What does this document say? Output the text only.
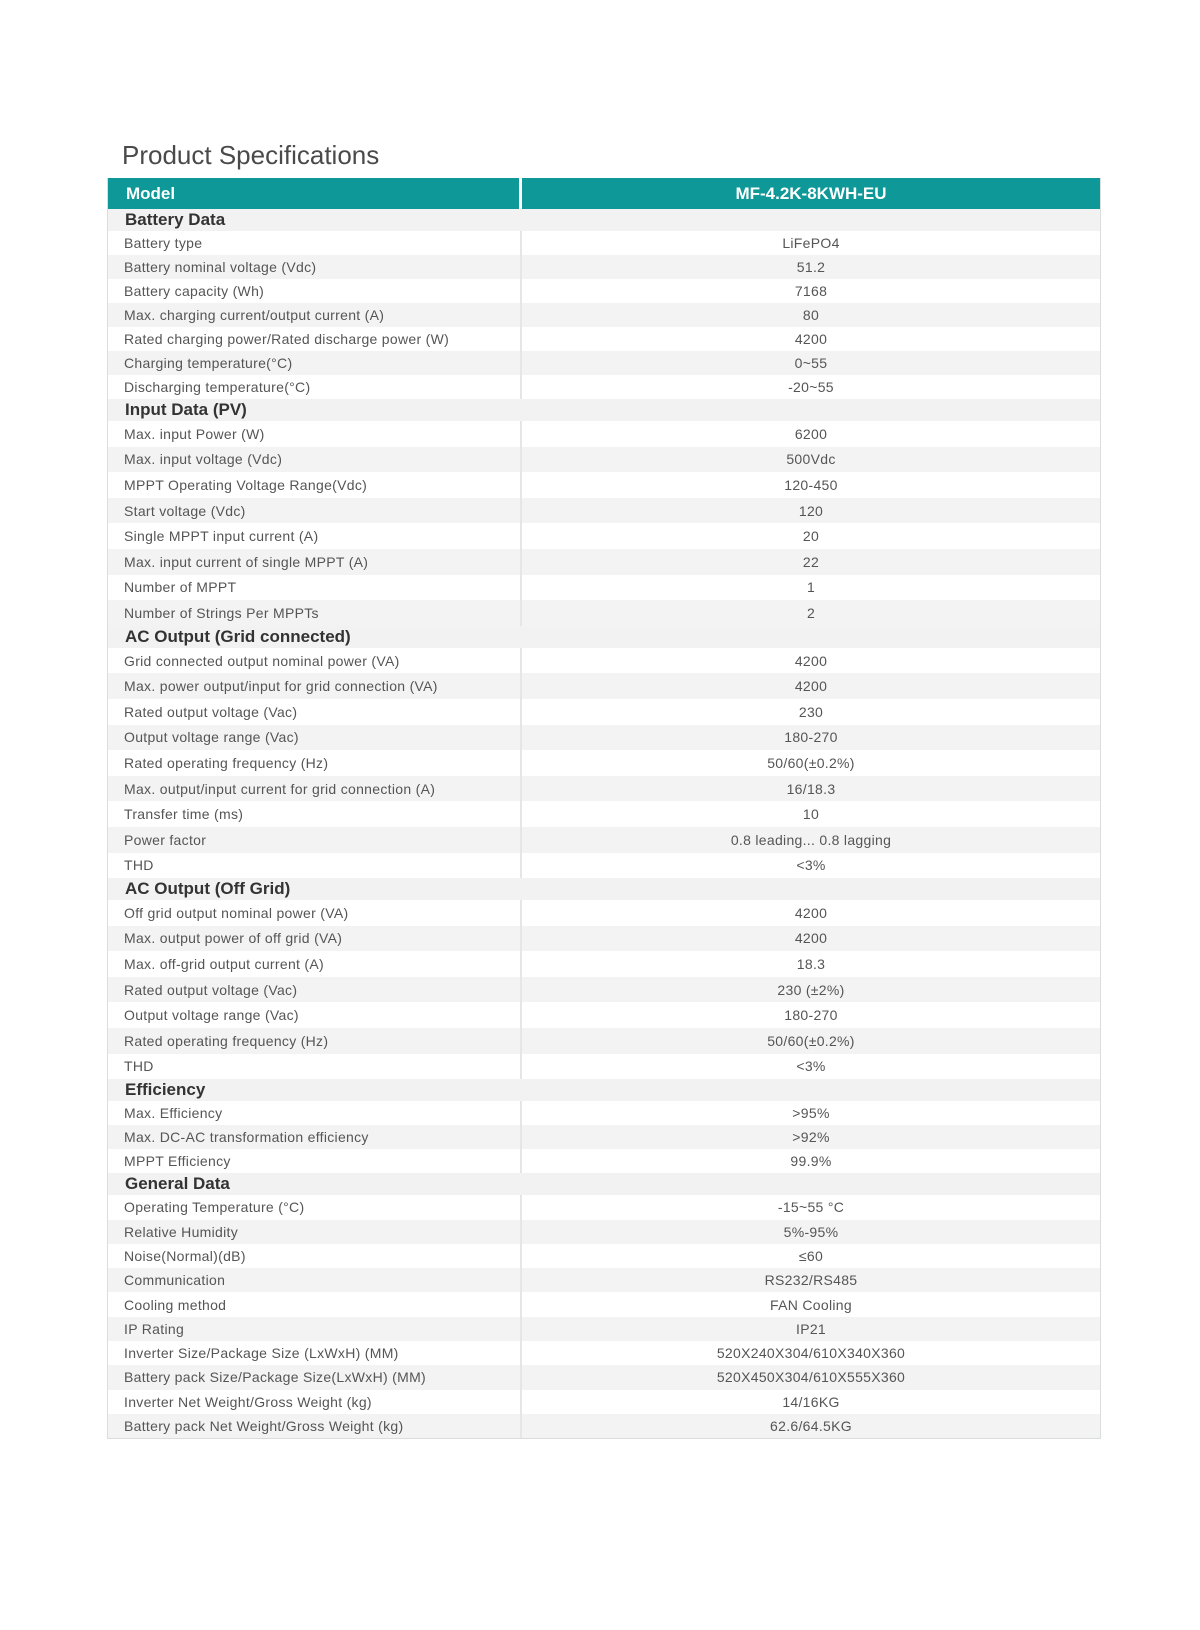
Product Specifications
Model	MF-4.2K-8KWH-EU
Battery Data
Battery type	LiFePO4
Battery nominal voltage (Vdc)	51.2
Battery capacity (Wh)	7168
Max. charging current/output current (A)	80
Rated charging power/Rated discharge power (W)	4200
Charging temperature(°C)	0~55
Discharging temperature(°C)	-20~55
Input Data (PV)
Max. input Power (W)	6200
Max. input voltage (Vdc)	500Vdc
MPPT Operating Voltage Range(Vdc)	120-450
Start voltage (Vdc)	120
Single MPPT input current (A)	20
Max. input current of single MPPT (A)	22
Number of MPPT	1
Number of Strings Per MPPTs	2
AC Output (Grid connected)
Grid connected output nominal power (VA)	4200
Max. power output/input for grid connection (VA)	4200
Rated output voltage (Vac)	230
Output voltage range (Vac)	180-270
Rated operating frequency (Hz)	50/60(±0.2%)
Max. output/input current for grid connection (A)	16/18.3
Transfer time (ms)	10
Power factor	0.8 leading... 0.8 lagging
THD	<3%
AC Output (Off Grid)
Off grid output nominal power (VA)	4200
Max. output power of off grid (VA)	4200
Max. off-grid output current (A)	18.3
Rated output voltage (Vac)	230 (±2%)
Output voltage range (Vac)	180-270
Rated operating frequency (Hz)	50/60(±0.2%)
THD	<3%
Efficiency
Max. Efficiency	>95%
Max. DC-AC transformation efficiency	>92%
MPPT Efficiency	99.9%
General Data
Operating Temperature (°C)	-15~55 °C
Relative Humidity	5%-95%
Noise(Normal)(dB)	≤60
Communication	RS232/RS485
Cooling method	FAN Cooling
IP Rating	IP21
Inverter Size/Package Size (LxWxH) (MM)	520X240X304/610X340X360
Battery pack Size/Package Size(LxWxH) (MM)	520X450X304/610X555X360
Inverter Net Weight/Gross Weight (kg)	14/16KG
Battery pack Net Weight/Gross Weight (kg)	62.6/64.5KG
